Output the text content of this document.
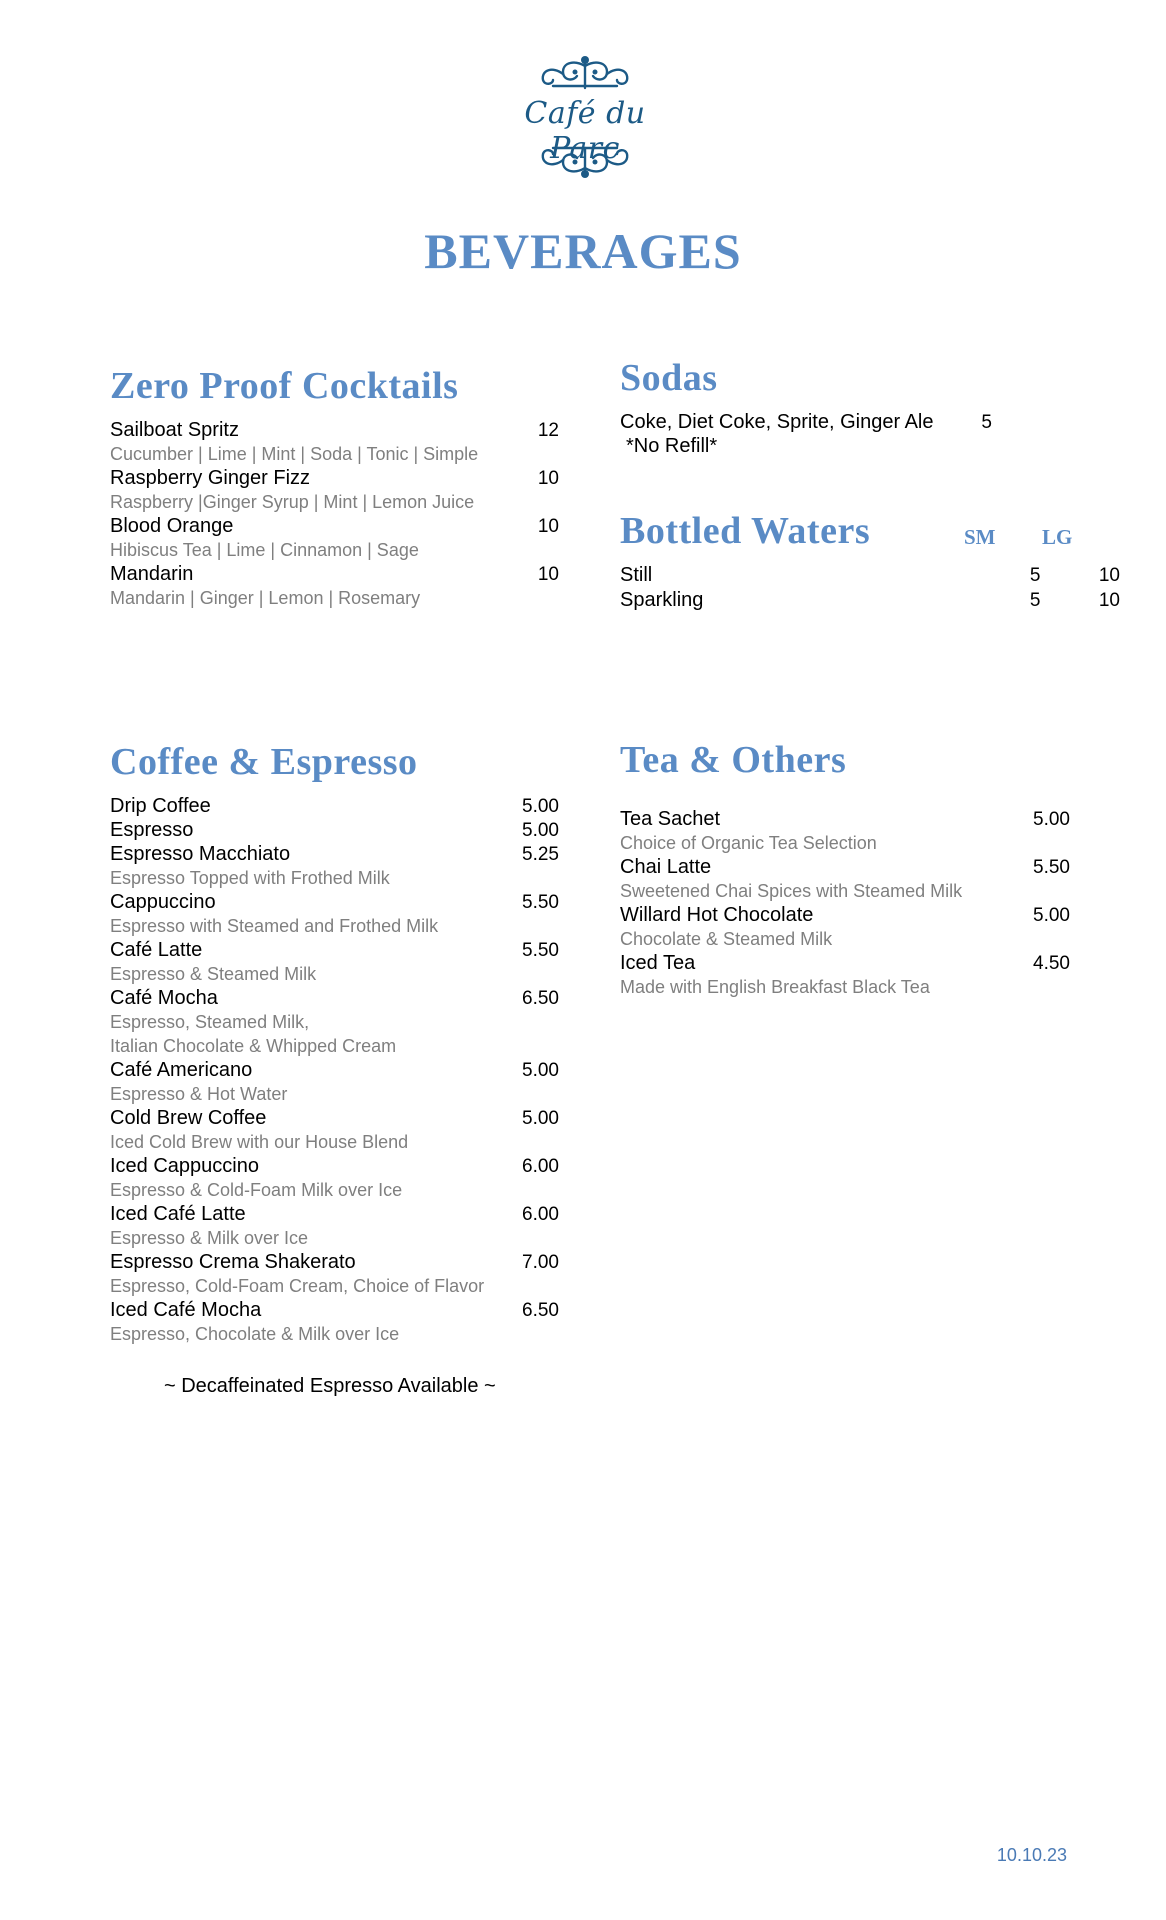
Café du Parc
BEVERAGES
Zero Proof Cocktails
Sailboat Spritz	12
Cucumber | Lime | Mint | Soda | Tonic | Simple
Raspberry Ginger Fizz	10
Raspberry |Ginger Syrup | Mint | Lemon Juice
Blood Orange	10
Hibiscus Tea | Lime | Cinnamon | Sage
Mandarin	10
Mandarin | Ginger | Lemon | Rosemary
Sodas
Coke, Diet Coke, Sprite, Ginger Ale	5
*No Refill*
Bottled Waters	SM LG
Still	5	10
Sparkling	5	10
Coffee & Espresso
Drip Coffee	5.00
Espresso	5.00
Espresso Macchiato	5.25
Espresso Topped with Frothed Milk
Cappuccino	5.50
Espresso with Steamed and Frothed Milk
Café Latte	5.50
Espresso & Steamed Milk
Café Mocha	6.50
Espresso, Steamed Milk,
Italian Chocolate & Whipped Cream
Café Americano	5.00
Espresso & Hot Water
Cold Brew Coffee	5.00
Iced Cold Brew with our House Blend
Iced Cappuccino	6.00
Espresso & Cold-Foam Milk over Ice
Iced Café Latte	6.00
Espresso & Milk over Ice
Espresso Crema Shakerato	7.00
Espresso, Cold-Foam Cream, Choice of Flavor
Iced Café Mocha	6.50
Espresso, Chocolate & Milk over Ice
~ Decaffeinated Espresso Available ~
Tea & Others
Tea Sachet	5.00
Choice of Organic Tea Selection
Chai Latte	5.50
Sweetened Chai Spices with Steamed Milk
Willard Hot Chocolate	5.00
Chocolate & Steamed Milk
Iced Tea	4.50
Made with English Breakfast Black Tea
10.10.23
